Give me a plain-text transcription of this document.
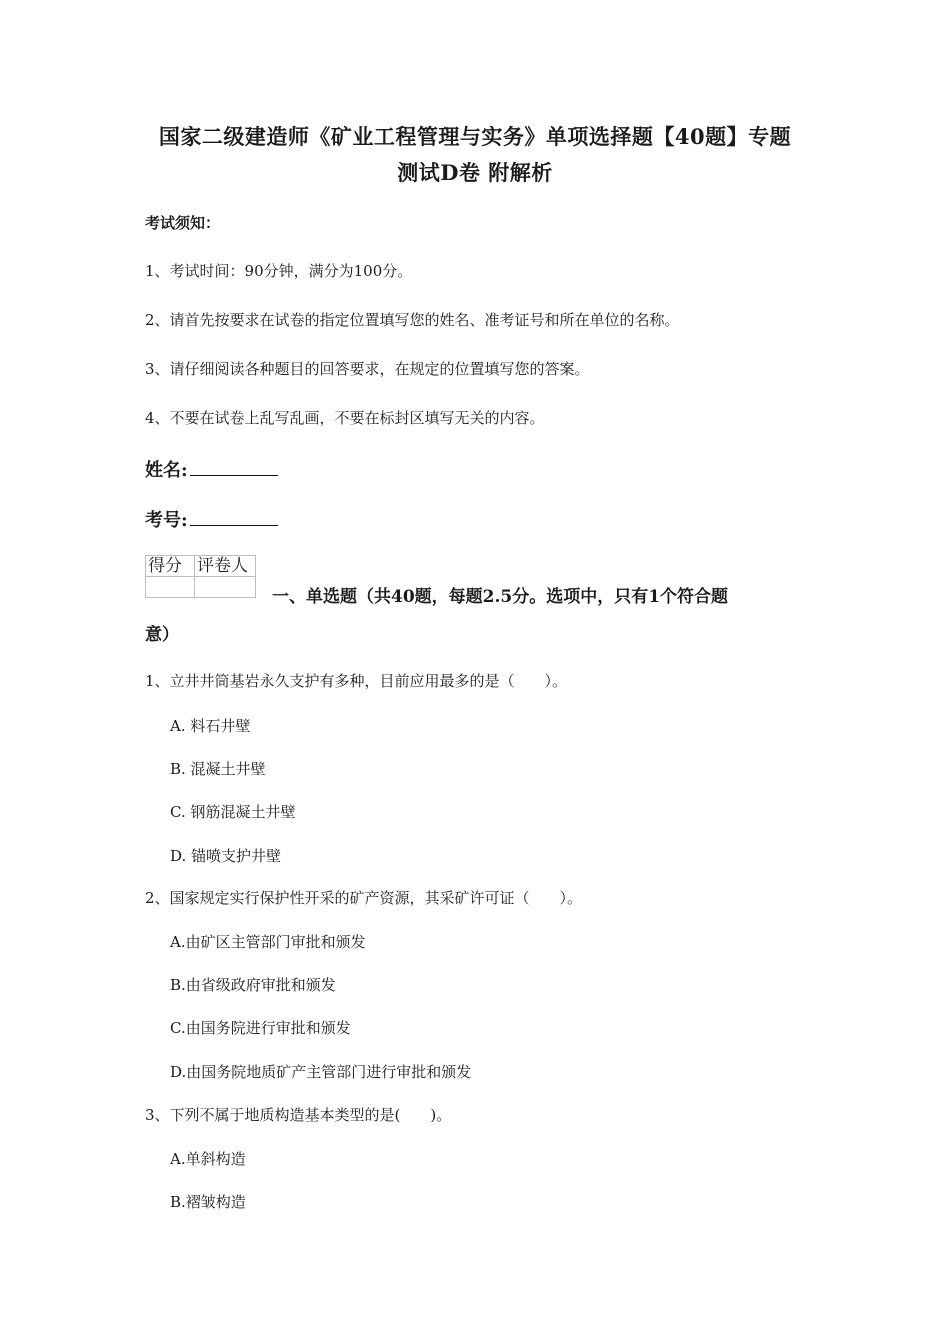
国家二级建造师《矿业工程管理与实务》单项选择题【40题】专题
测试D卷 附解析
考试须知：
1、考试时间：90分钟，满分为100分。
2、请首先按要求在试卷的指定位置填写您的姓名、准考证号和所在单位的名称。
3、请仔细阅读各种题目的回答要求，在规定的位置填写您的答案。
4、不要在试卷上乱写乱画，不要在标封区填写无关的内容。
姓名:
考号:
得分	评卷人

一、单选题（共40题，每题2.5分。选项中，只有1个符合题
意）
1、立井井筒基岩永久支护有多种，目前应用最多的是（　　）。
A. 料石井壁
B. 混凝土井壁
C. 钢筋混凝土井壁
D. 锚喷支护井壁
2、国家规定实行保护性开采的矿产资源，其采矿许可证（　　）。
A.由矿区主管部门审批和颁发
B.由省级政府审批和颁发
C.由国务院进行审批和颁发
D.由国务院地质矿产主管部门进行审批和颁发
3、下列不属于地质构造基本类型的是(　　)。
A.单斜构造
B.褶皱构造
